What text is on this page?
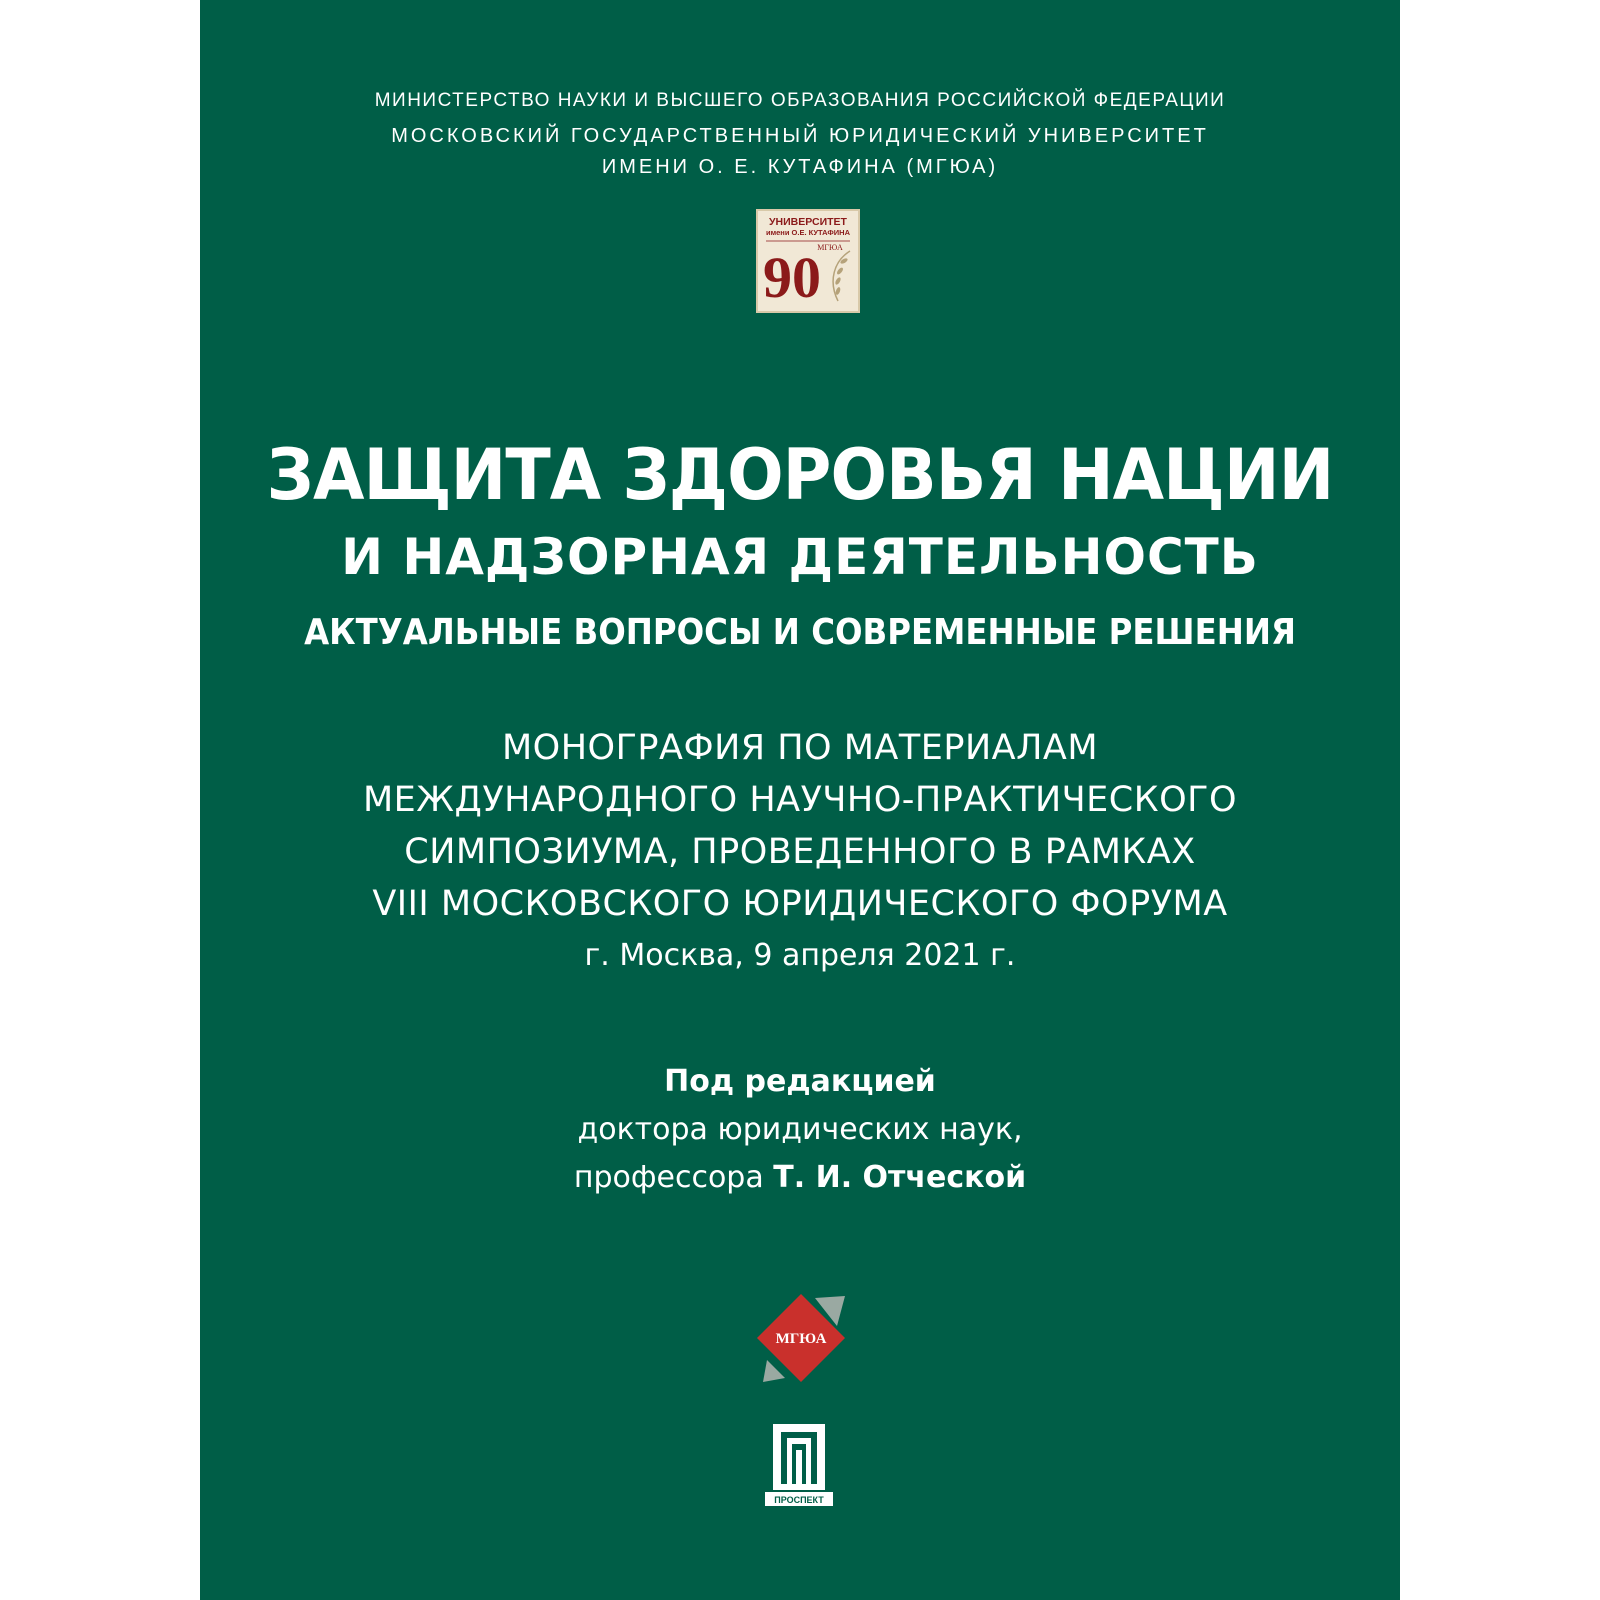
МИНИСТЕРСТВО НАУКИ И ВЫСШЕГО ОБРАЗОВАНИЯ РОССИЙСКОЙ ФЕДЕРАЦИИ
МОСКОВСКИЙ ГОСУДАРСТВЕННЫЙ ЮРИДИЧЕСКИЙ УНИВЕРСИТЕТ
ИМЕНИ О. Е. КУТАФИНА (МГЮА)
УНИВЕРСИТЕТ
имени О.Е. КУТАФИНА
МГЮА
90
ЗАЩИТА ЗДОРОВЬЯ НАЦИИ
И НАДЗОРНАЯ ДЕЯТЕЛЬНОСТЬ
АКТУАЛЬНЫЕ ВОПРОСЫ И СОВРЕМЕННЫЕ РЕШЕНИЯ
МОНОГРАФИЯ ПО МАТЕРИАЛАМ
МЕЖДУНАРОДНОГО НАУЧНО-ПРАКТИЧЕСКОГО
СИМПОЗИУМА, ПРОВЕДЕННОГО В РАМКАХ
VIII МОСКОВСКОГО ЮРИДИЧЕСКОГО ФОРУМА
г. Москва, 9 апреля 2021 г.
Под редакцией
доктора юридических наук,
профессора Т. И. Отческой
МГЮА
ПРОСПЕКТ
